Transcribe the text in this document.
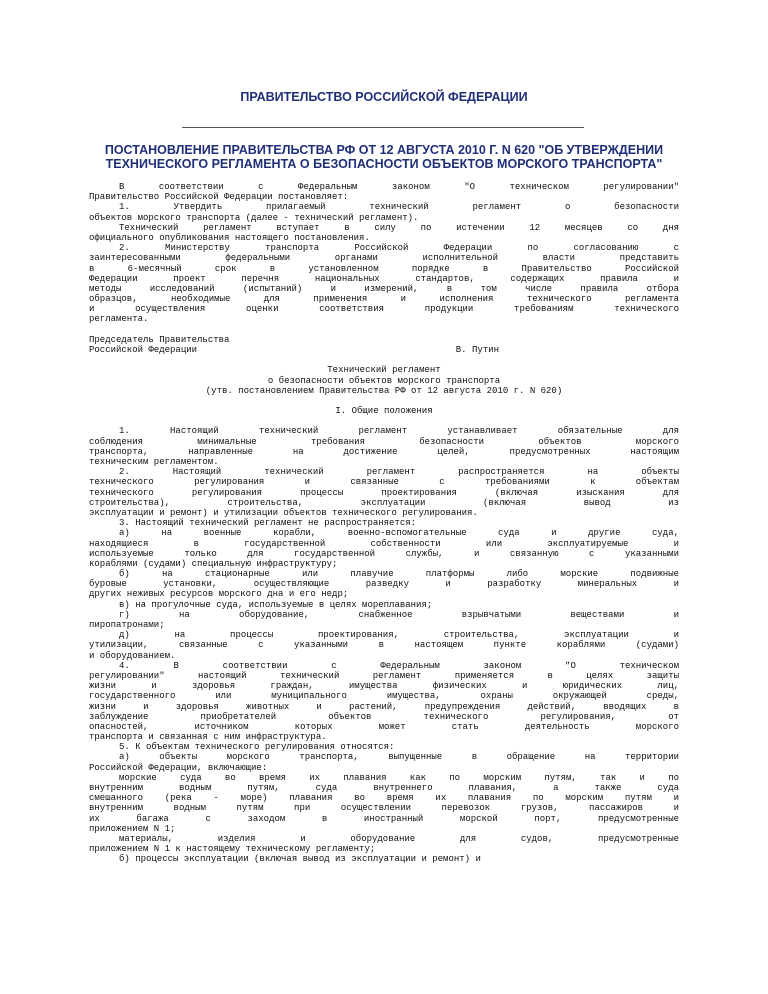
ПРАВИТЕЛЬСТВО РОССИЙСКОЙ ФЕДЕРАЦИИ
ПОСТАНОВЛЕНИЕ ПРАВИТЕЛЬСТВА РФ ОТ 12 АВГУСТА 2010 Г. N 620 "ОБ УТВЕРЖДЕНИИ
ТЕХНИЧЕСКОГО РЕГЛАМЕНТА О БЕЗОПАСНОСТИ ОБЪЕКТОВ МОРСКОГО ТРАНСПОРТА"

В соответствии с Федеральным законом "О техническом регулировании"

Правительство Российской Федерации постановляет:

1. Утвердить прилагаемый технический регламент о безопасности

объектов морского транспорта (далее - технический регламент).

Технический регламент вступает в силу по истечении 12 месяцев со дня

официального опубликования настоящего постановления.

2. Министерству транспорта Российской Федерации по согласованию с

заинтересованными федеральными органами исполнительной власти представить

в 6-месячный срок в установленном порядке в Правительство Российской

Федерации проект перечня национальных стандартов, содержащих правила и

методы исследований (испытаний) и измерений, в том числе правила отбора

образцов, необходимые для применения и исполнения технического регламента

и осуществления оценки соответствия продукции требованиям технического

регламента.

Председатель Правительства

Российской Федерации	В. Путин

Технический регламент

о безопасности объектов морского транспорта

(утв. постановлением Правительства РФ от 12 августа 2010 г. N 620)

I. Общие положения

1. Настоящий технический регламент устанавливает обязательные для

соблюдения минимальные требования безопасности объектов морского

транспорта, направленные на достижение целей, предусмотренных настоящим

техническим регламентом.

2. Настоящий технический регламент распространяется на объекты

технического регулирования и связанные с требованиями к объектам

технического регулирования процессы проектирования (включая изыскания для

строительства), строительства, эксплуатации (включая вывод из

эксплуатации и ремонт) и утилизации объектов технического регулирования.

3. Настоящий технический регламент не распространяется:

а) на военные корабли, военно-вспомогательные суда и другие суда,

находящиеся в государственной собственности или эксплуатируемые и

используемые только для государственной службы, и связанную с указанными

кораблями (судами) специальную инфраструктуру;

б) на стационарные или плавучие платформы либо морские подвижные

буровые установки, осуществляющие разведку и разработку минеральных и

других неживых ресурсов морского дна и его недр;

в) на прогулочные суда, используемые в целях мореплавания;

г) на оборудование, снабженное взрывчатыми веществами и

пиропатронами;

д) на процессы проектирования, строительства, эксплуатации и

утилизации, связанные с указанными в настоящем пункте кораблями (судами)

и оборудованием.

4. В соответствии с Федеральным законом "О техническом

регулировании" настоящий технический регламент применяется в целях защиты

жизни и здоровья граждан, имущества физических и юридических лиц,

государственного или муниципального имущества, охраны окружающей среды,

жизни и здоровья животных и растений, предупреждения действий, вводящих в

заблуждение приобретателей объектов технического регулирования, от

опасностей, источником которых может стать деятельность морского

транспорта и связанная с ним инфраструктура.

5. К объектам технического регулирования относятся:

а) объекты морского транспорта, выпущенные в обращение на территории

Российской Федерации, включающие:

морские суда во время их плавания как по морским путям, так и по

внутренним водным путям, суда внутреннего плавания, а также суда

смешанного (река - море) плавания во время их плавания по морским путям и

внутренним водным путям при осуществлении перевозок грузов, пассажиров и

их багажа с заходом в иностранный морской порт, предусмотренные

приложением N 1;

материалы, изделия и оборудование для судов, предусмотренные

приложением N 1 к настоящему техническому регламенту;

б) процессы эксплуатации (включая вывод из эксплуатации и ремонт) и
